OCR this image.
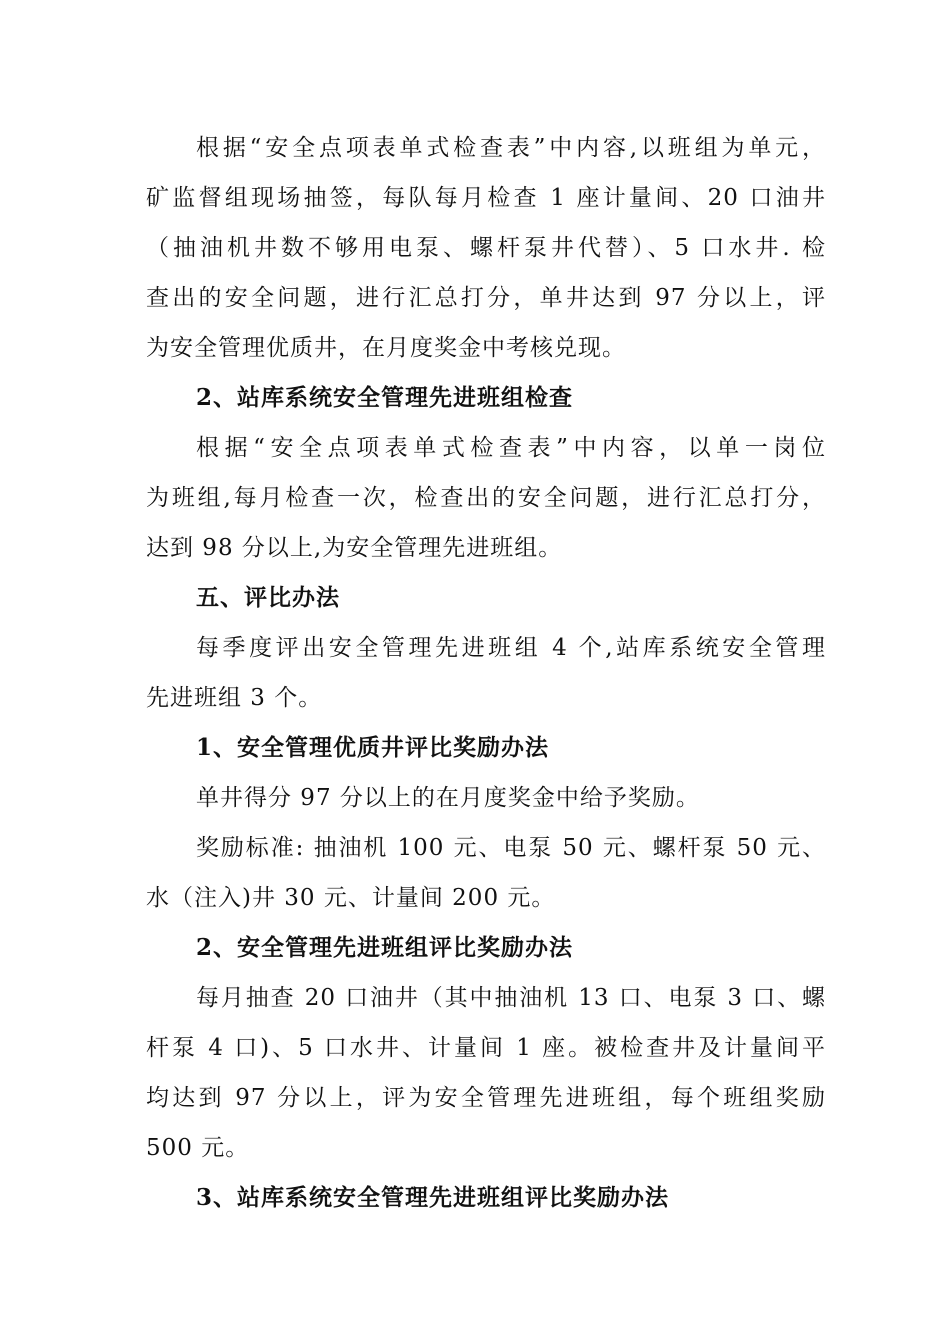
根据“安全点项表单式检查表”中内容,以班组为单元，
矿监督组现场抽签，每队每月检查 1 座计量间、20 口油井
（抽油机井数不够用电泵、螺杆泵井代替）、5 口水井. 检
查出的安全问题，进行汇总打分，单井达到 97 分以上，评
为安全管理优质井，在月度奖金中考核兑现。
2、站库系统安全管理先进班组检查
根据“安全点项表单式检查表”中内容，以单一岗位
为班组,每月检查一次，检查出的安全问题，进行汇总打分，
达到 98 分以上,为安全管理先进班组。
五、评比办法
每季度评出安全管理先进班组 4 个,站库系统安全管理
先进班组 3 个。
1、安全管理优质井评比奖励办法
单井得分 97 分以上的在月度奖金中给予奖励。
奖励标准: 抽油机 100 元、电泵 50 元、螺杆泵 50 元、
水（注入)井 30 元、计量间 200 元。
2、安全管理先进班组评比奖励办法
每月抽查 20 口油井（其中抽油机 13 口、电泵 3 口、螺
杆泵 4 口)、5 口水井、计量间 1 座。被检查井及计量间平
均达到 97 分以上，评为安全管理先进班组，每个班组奖励
500 元。
3、站库系统安全管理先进班组评比奖励办法
